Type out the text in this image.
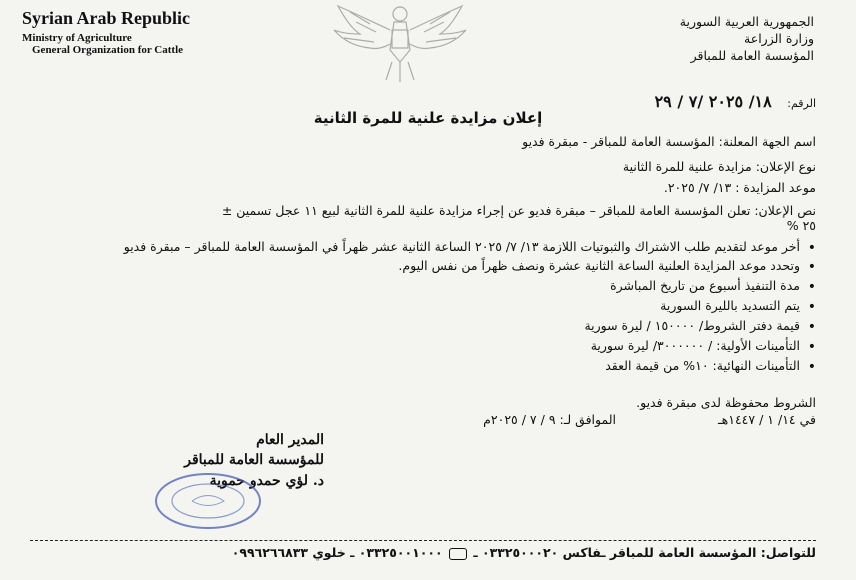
Syrian Arab Republic
Ministry of Agriculture
General Organization for Cattle
الجمهورية العربية السورية
وزارة الزراعة
المؤسسة العامة للمباقر
الرقم: ١٨/ ٢٠٢٥ /٧ / ٢٩
إعلان مزايدة علنية للمرة الثانية
اسم الجهة المعلنة: المؤسسة العامة للمباقر - مبقرة فديو
نوع الإعلان: مزايدة علنية للمرة الثانية
موعد المزايدة : ١٣/ ٧/ ٢٠٢٥.
نص الإعلان: تعلن المؤسسة العامة للمباقر – مبقرة فديو عن إجراء مزايدة علنية للمرة الثانية لبيع ١١ عجل تسمين ±
٢٥ %
• أخر موعد لتقديم طلب الاشتراك والثبوتيات اللازمة ١٣/ ٧/ ٢٠٢٥ الساعة الثانية عشر ظهراً في المؤسسة العامة للمباقر – مبقرة فديو
• وتحدد موعد المزايدة العلنية الساعة الثانية عشرة ونصف ظهراً من نفس اليوم.
• مدة التنفيذ أسبوع من تاريخ المباشرة
• يتم التسديد بالليرة السورية
• قيمة دفتر الشروط/ ١٥٠٠٠٠ / ليرة سورية
• التأمينات الأولية: / ٣٠٠٠٠٠٠/ ليرة سورية
• التأمينات النهائية: ١٠% من قيمة العقد
الشروط محفوظة لدى مبقرة فديو.
في ١٤/ ١ / ١٤٤٧هـ
الموافق لـ: ٩ / ٧ / ٢٠٢٥م
المدير العام
للمؤسسة العامة للمباقر
د. لؤي حمدو حموية
للتواصل: المؤسسة العامة للمباقر ـفاكس ٠٣٣٢٥٠٠٠٢٠ ـ  ٠٣٣٢٥٠٠١٠٠٠ ـ خلوي ٠٩٩٦٢٦٦٨٣٣
